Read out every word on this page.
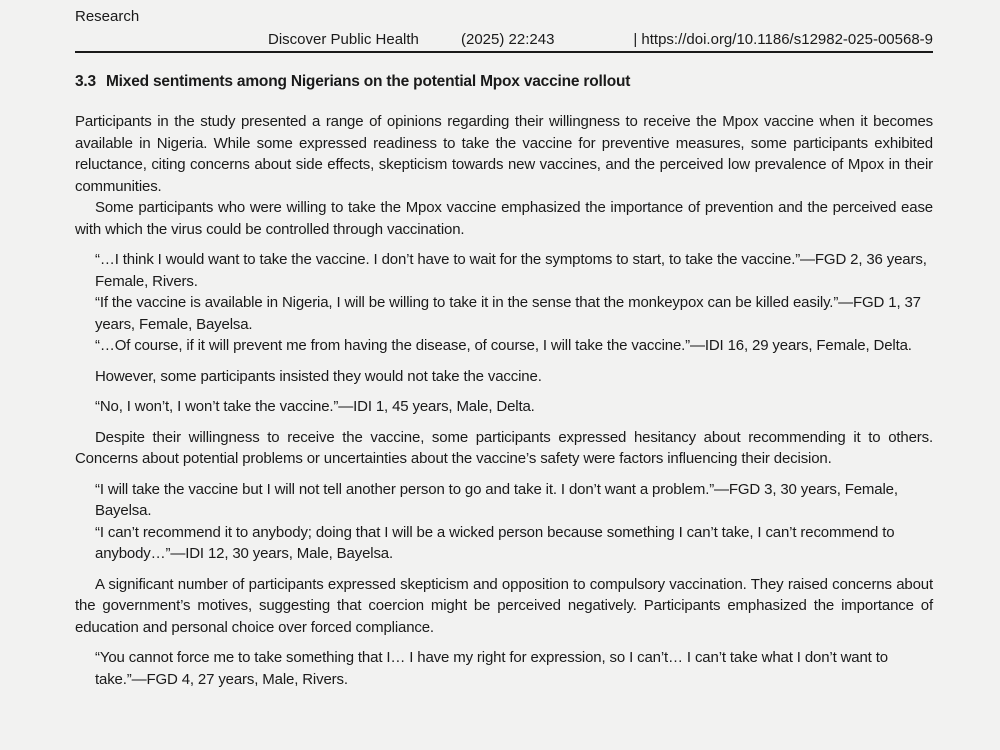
Research
Discover Public Health	(2025) 22:243	| https://doi.org/10.1186/s12982-025-00568-9
3.3 Mixed sentiments among Nigerians on the potential Mpox vaccine rollout

Participants in the study presented a range of opinions regarding their willingness to receive the Mpox vaccine when it becomes available in Nigeria. While some expressed readiness to take the vaccine for preventive measures, some participants exhibited reluctance, citing concerns about side effects, skepticism towards new vaccines, and the perceived low prevalence of Mpox in their communities.

Some participants who were willing to take the Mpox vaccine emphasized the importance of prevention and the perceived ease with which the virus could be controlled through vaccination.

“…I think I would want to take the vaccine. I don’t have to wait for the symptoms to start, to take the vaccine.”—FGD 2, 36 years, Female, Rivers.

“If the vaccine is available in Nigeria, I will be willing to take it in the sense that the monkeypox can be killed easily.”—FGD 1, 37 years, Female, Bayelsa.

“…Of course, if it will prevent me from having the disease, of course, I will take the vaccine.”—IDI 16, 29 years, Female, Delta.

However, some participants insisted they would not take the vaccine.

“No, I won’t, I won’t take the vaccine.”—IDI 1, 45 years, Male, Delta.

Despite their willingness to receive the vaccine, some participants expressed hesitancy about recommending it to others. Concerns about potential problems or uncertainties about the vaccine’s safety were factors influencing their decision.

“I will take the vaccine but I will not tell another person to go and take it. I don’t want a problem.”—FGD 3, 30 years, Female, Bayelsa.

“I can’t recommend it to anybody; doing that I will be a wicked person because something I can’t take, I can’t recommend to anybody…”—IDI 12, 30 years, Male, Bayelsa.

A significant number of participants expressed skepticism and opposition to compulsory vaccination. They raised concerns about the government’s motives, suggesting that coercion might be perceived negatively. Participants emphasized the importance of education and personal choice over forced compliance.

“You cannot force me to take something that I… I have my right for expression, so I can’t… I can’t take what I don’t want to take.”—FGD 4, 27 years, Male, Rivers.
